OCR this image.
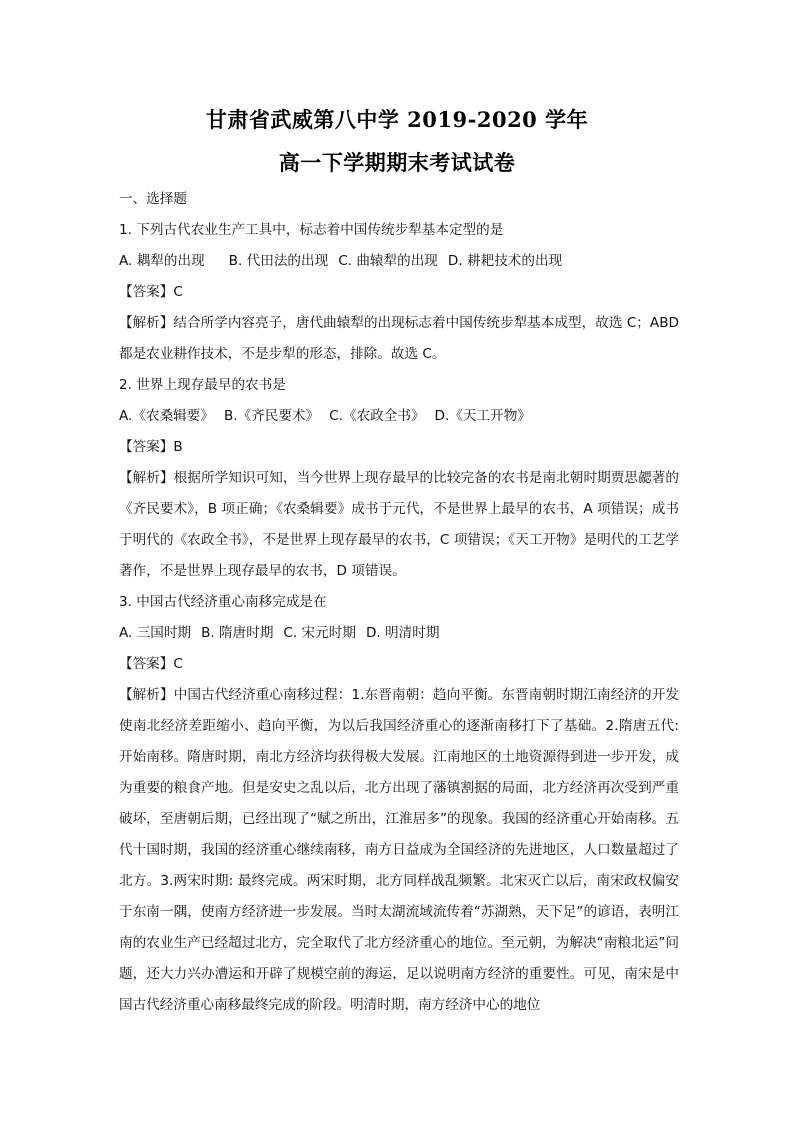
甘肃省武威第八中学 2019-2020 学年
高一下学期期末考试试卷
一、选择题
1. 下列古代农业生产工具中，标志着中国传统步犁基本定型的是
A. 耦犁的出现 B. 代田法的出现 C. 曲辕犁的出现 D. 耕耙技术的出现
【答案】C
【解析】结合所学内容亮子，唐代曲辕犁的出现标志着中国传统步犁基本成型，故选 C；ABD 都是农业耕作技术，不是步犁的形态，排除。故选 C。
2. 世界上现存最早的农书是
A.《农桑辑要》 B.《齐民要术》 C.《农政全书》 D.《天工开物》
【答案】B
【解析】根据所学知识可知，当今世界上现存最早的比较完备的农书是南北朝时期贾思勰著的《齐民要术》，B 项正确；《农桑辑要》成书于元代，不是世界上最早的农书，A 项错误；成书于明代的《农政全书》，不是世界上现存最早的农书，C 项错误；《天工开物》是明代的工艺学著作，不是世界上现存最早的农书，D 项错误。
3. 中国古代经济重心南移完成是在
A. 三国时期 B. 隋唐时期 C. 宋元时期 D. 明清时期
【答案】C
【解析】中国古代经济重心南移过程：1.东晋南朝：趋向平衡。东晋南朝时期江南经济的开发使南北经济差距缩小、趋向平衡，为以后我国经济重心的逐渐南移打下了基础。2.隋唐五代: 开始南移。隋唐时期，南北方经济均获得极大发展。江南地区的土地资源得到进一步开发，成为重要的粮食产地。但是安史之乱以后，北方出现了藩镇割据的局面，北方经济再次受到严重破坏，至唐朝后期，已经出现了“赋之所出，江淮居多”的现象。我国的经济重心开始南移。五代十国时期，我国的经济重心继续南移，南方日益成为全国经济的先进地区，人口数量超过了北方。3.两宋时期: 最终完成。两宋时期，北方同样战乱频繁。北宋灭亡以后，南宋政权偏安于东南一隅，使南方经济进一步发展。当时太湖流域流传着“苏湖熟，天下足”的谚语，表明江南的农业生产已经超过北方，完全取代了北方经济重心的地位。至元朝，为解决“南粮北运”问题，还大力兴办漕运和开辟了规模空前的海运，足以说明南方经济的重要性。可见，南宋是中国古代经济重心南移最终完成的阶段。明清时期，南方经济中心的地位
